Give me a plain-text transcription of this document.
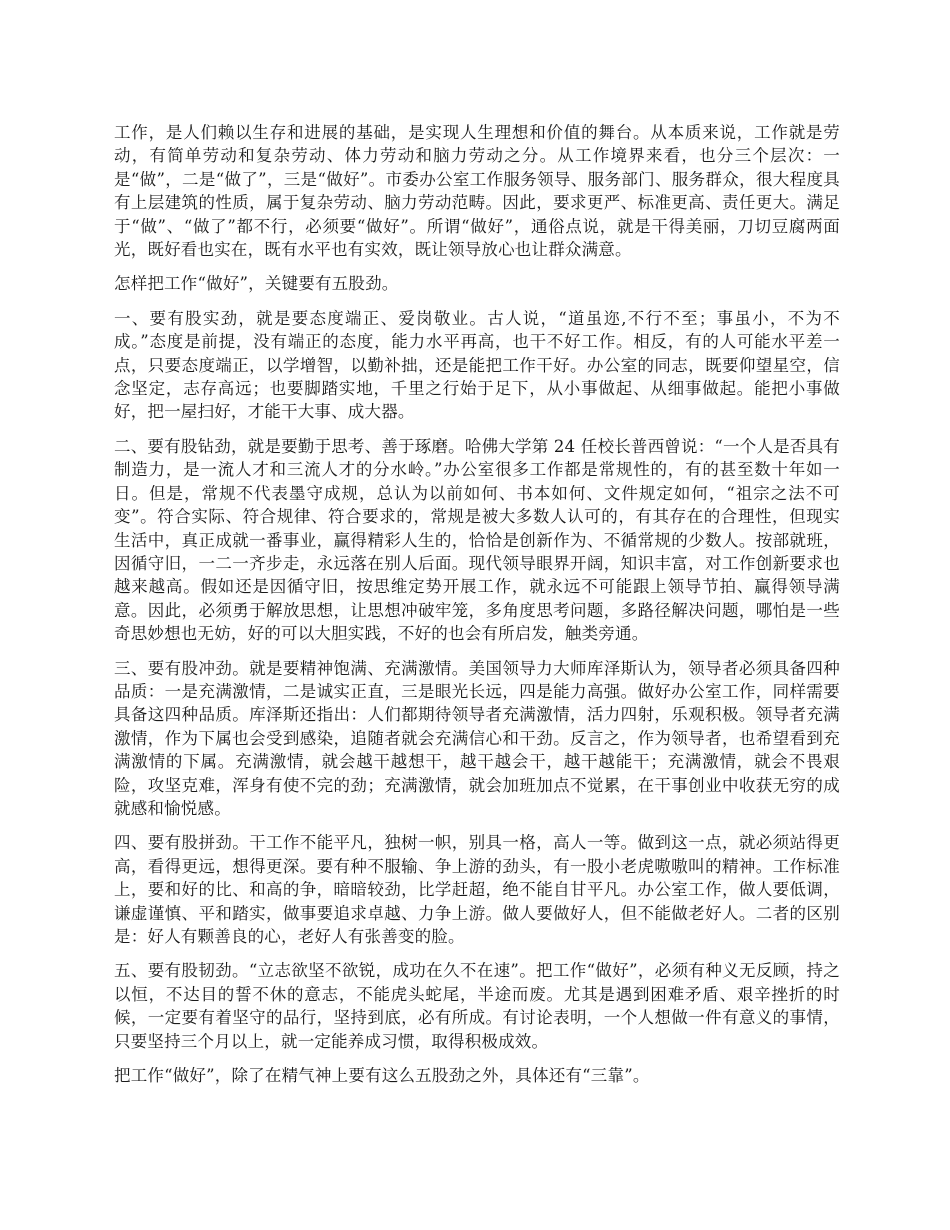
工作，是人们赖以生存和进展的基础，是实现人生理想和价值的舞台。从本质来说，工作就是劳动，有简单劳动和复杂劳动、体力劳动和脑力劳动之分。从工作境界来看，也分三个层次：一是“做”，二是“做了”，三是“做好”。市委办公室工作服务领导、服务部门、服务群众，很大程度具有上层建筑的性质，属于复杂劳动、脑力劳动范畴。因此，要求更严、标准更高、责任更大。满足于“做”、“做了”都不行，必须要“做好”。所谓“做好”，通俗点说，就是干得美丽，刀切豆腐两面光，既好看也实在，既有水平也有实效，既让领导放心也让群众满意。

怎样把工作“做好”，关键要有五股劲。

一、要有股实劲，就是要态度端正、爱岗敬业。古人说，“道虽迩,不行不至；事虽小，不为不成。”态度是前提，没有端正的态度，能力水平再高，也干不好工作。相反，有的人可能水平差一点，只要态度端正，以学增智，以勤补拙，还是能把工作干好。办公室的同志，既要仰望星空，信念坚定，志存高远；也要脚踏实地，千里之行始于足下，从小事做起、从细事做起。能把小事做好，把一屋扫好，才能干大事、成大器。

二、要有股钻劲，就是要勤于思考、善于琢磨。哈佛大学第 24 任校长普西曾说：“一个人是否具有制造力，是一流人才和三流人才的分水岭。”办公室很多工作都是常规性的，有的甚至数十年如一日。但是，常规不代表墨守成规，总认为以前如何、书本如何、文件规定如何，“祖宗之法不可变”。符合实际、符合规律、符合要求的，常规是被大多数人认可的，有其存在的合理性，但现实生活中，真正成就一番事业，赢得精彩人生的，恰恰是创新作为、不循常规的少数人。按部就班，因循守旧，一二一齐步走，永远落在别人后面。现代领导眼界开阔，知识丰富，对工作创新要求也越来越高。假如还是因循守旧，按思维定势开展工作，就永远不可能跟上领导节拍、赢得领导满意。因此，必须勇于解放思想，让思想冲破牢笼，多角度思考问题，多路径解决问题，哪怕是一些奇思妙想也无妨，好的可以大胆实践，不好的也会有所启发，触类旁通。

三、要有股冲劲。就是要精神饱满、充满激情。美国领导力大师库泽斯认为，领导者必须具备四种品质：一是充满激情，二是诚实正直，三是眼光长远，四是能力高强。做好办公室工作，同样需要具备这四种品质。库泽斯还指出：人们都期待领导者充满激情，活力四射，乐观积极。领导者充满激情，作为下属也会受到感染，追随者就会充满信心和干劲。反言之，作为领导者，也希望看到充满激情的下属。充满激情，就会越干越想干，越干越会干，越干越能干；充满激情，就会不畏艰险，攻坚克难，浑身有使不完的劲；充满激情，就会加班加点不觉累，在干事创业中收获无穷的成就感和愉悦感。

四、要有股拼劲。干工作不能平凡，独树一帜，别具一格，高人一等。做到这一点，就必须站得更高，看得更远，想得更深。要有种不服输、争上游的劲头，有一股小老虎嗷嗷叫的精神。工作标准上，要和好的比、和高的争，暗暗较劲，比学赶超，绝不能自甘平凡。办公室工作，做人要低调，谦虚谨慎、平和踏实，做事要追求卓越、力争上游。做人要做好人，但不能做老好人。二者的区别是：好人有颗善良的心，老好人有张善变的脸。

五、要有股韧劲。“立志欲坚不欲锐，成功在久不在速”。把工作“做好”，必须有种义无反顾，持之以恒，不达目的誓不休的意志，不能虎头蛇尾，半途而废。尤其是遇到困难矛盾、艰辛挫折的时候，一定要有着坚守的品行，坚持到底，必有所成。有讨论表明，一个人想做一件有意义的事情，只要坚持三个月以上，就一定能养成习惯，取得积极成效。

把工作“做好”，除了在精气神上要有这么五股劲之外，具体还有“三靠”。
